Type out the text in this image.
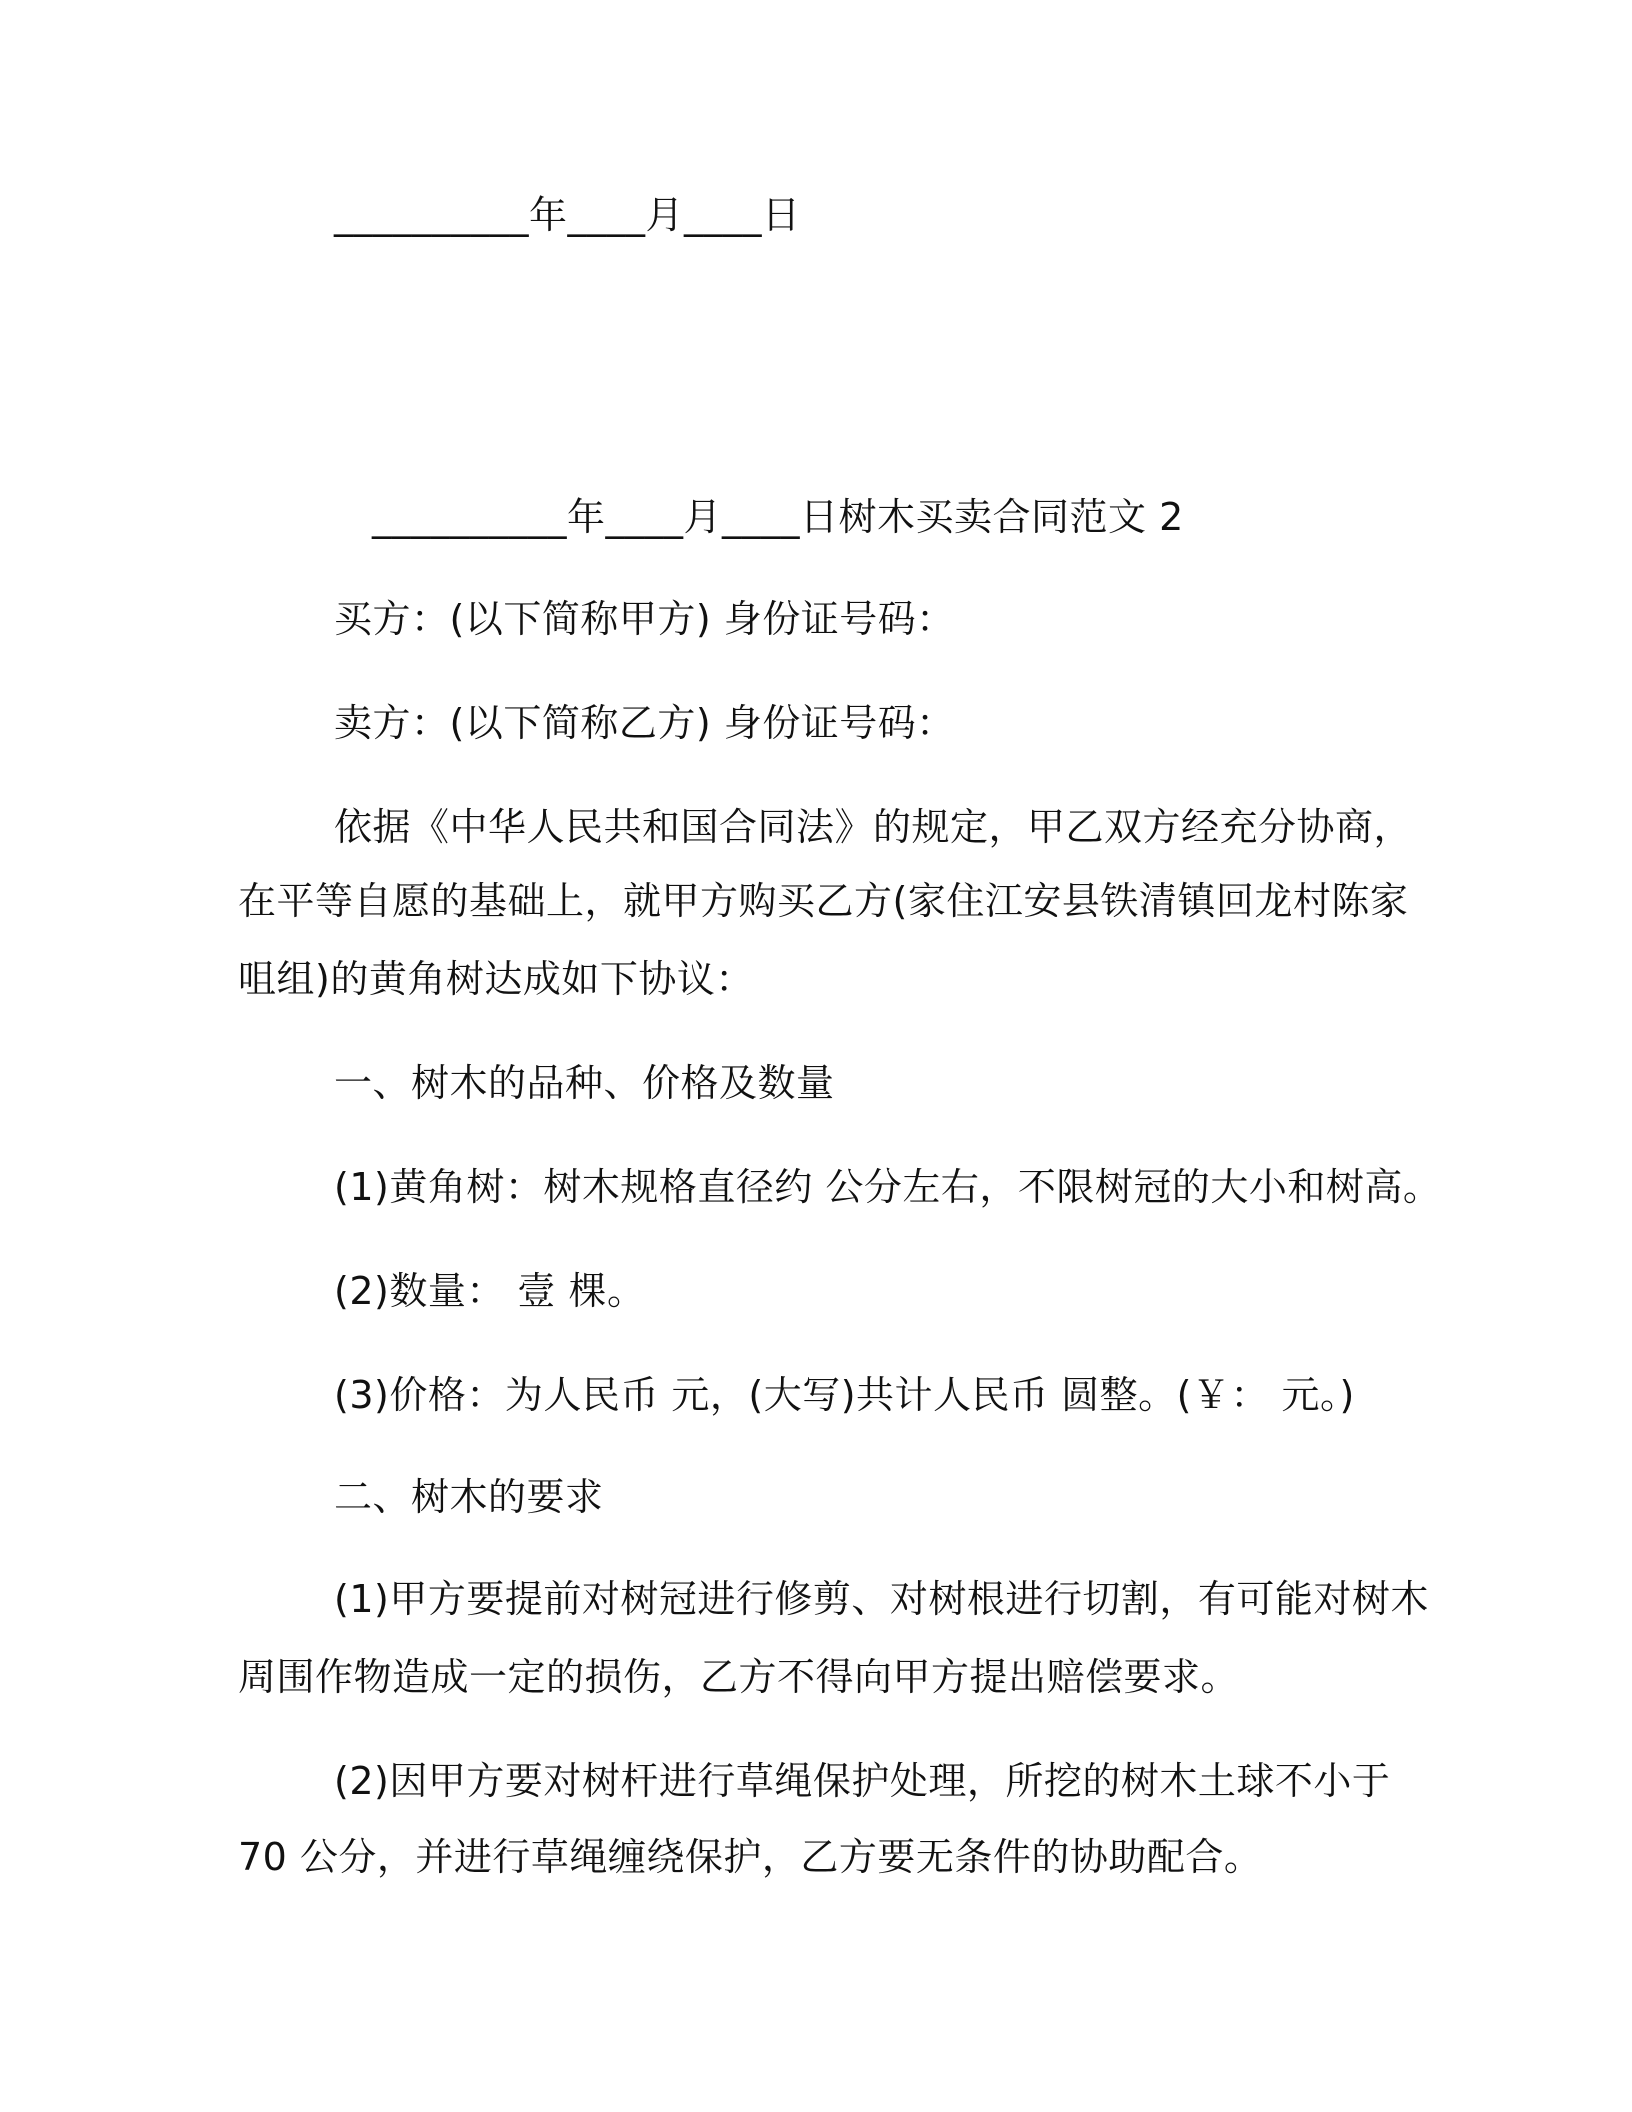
__________年____月____日
__________年____月____日树木买卖合同范文 2
买方：(以下简称甲方) 身份证号码：
卖方：(以下简称乙方) 身份证号码：
依据《中华人民共和国合同法》的规定，甲乙双方经充分协商，
在平等自愿的基础上，就甲方购买乙方(家住江安县铁清镇回龙村陈家
咀组)的黄角树达成如下协议：
一、树木的品种、价格及数量
(1)黄角树：树木规格直径约 公分左右，不限树冠的大小和树高。
(2)数量： 壹 棵。
(3)价格：为人民币 元，(大写)共计人民币 圆整。(￥： 元。)
二、树木的要求
(1)甲方要提前对树冠进行修剪、对树根进行切割，有可能对树木
周围作物造成一定的损伤，乙方不得向甲方提出赔偿要求。
(2)因甲方要对树杆进行草绳保护处理，所挖的树木土球不小于
70 公分，并进行草绳缠绕保护，乙方要无条件的协助配合。
